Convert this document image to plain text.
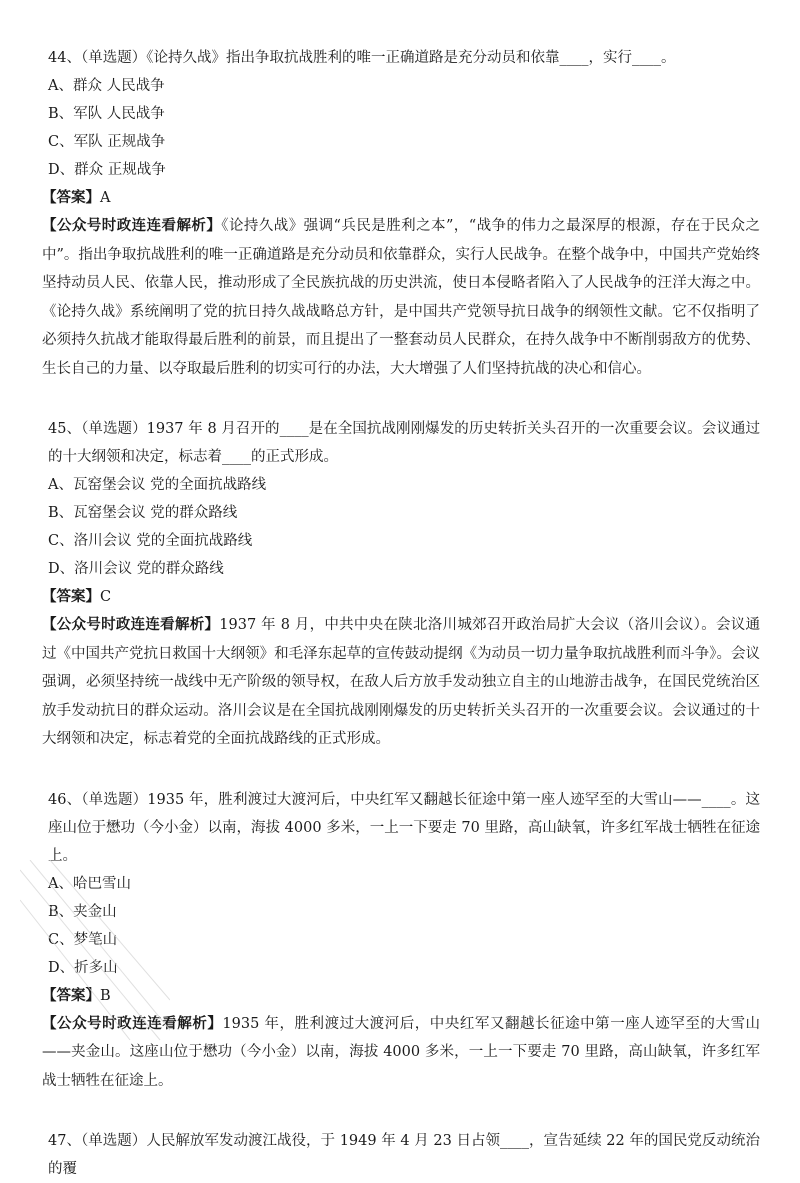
44、（单选题）《论持久战》指出争取抗战胜利的唯一正确道路是充分动员和依靠____，实行____。

A、群众 人民战争

B、军队 人民战争

C、军队 正规战争

D、群众 正规战争

【答案】A

【公众号时政连连看解析】《论持久战》强调“兵民是胜利之本”，“战争的伟力之最深厚的根源，存在于民众之中”。指出争取抗战胜利的唯一正确道路是充分动员和依靠群众，实行人民战争。在整个战争中，中国共产党始终坚持动员人民、依靠人民，推动形成了全民族抗战的历史洪流，使日本侵略者陷入了人民战争的汪洋大海之中。《论持久战》系统阐明了党的抗日持久战战略总方针，是中国共产党领导抗日战争的纲领性文献。它不仅指明了必须持久抗战才能取得最后胜利的前景，而且提出了一整套动员人民群众，在持久战争中不断削弱敌方的优势、生长自己的力量、以夺取最后胜利的切实可行的办法，大大增强了人们坚持抗战的决心和信心。

45、（单选题）1937 年 8 月召开的____是在全国抗战刚刚爆发的历史转折关头召开的一次重要会议。会议通过的十大纲领和决定，标志着____的正式形成。

A、瓦窑堡会议 党的全面抗战路线

B、瓦窑堡会议 党的群众路线

C、洛川会议 党的全面抗战路线

D、洛川会议 党的群众路线

【答案】C

【公众号时政连连看解析】1937 年 8 月，中共中央在陕北洛川城郊召开政治局扩大会议（洛川会议）。会议通过《中国共产党抗日救国十大纲领》和毛泽东起草的宣传鼓动提纲《为动员一切力量争取抗战胜利而斗争》。会议强调，必须坚持统一战线中无产阶级的领导权，在敌人后方放手发动独立自主的山地游击战争，在国民党统治区放手发动抗日的群众运动。洛川会议是在全国抗战刚刚爆发的历史转折关头召开的一次重要会议。会议通过的十大纲领和决定，标志着党的全面抗战路线的正式形成。

46、（单选题）1935 年，胜利渡过大渡河后，中央红军又翻越长征途中第一座人迹罕至的大雪山——____。这座山位于懋功（今小金）以南，海拔 4000 多米，一上一下要走 70 里路，高山缺氧，许多红军战士牺牲在征途上。

A、哈巴雪山

B、夹金山

C、梦笔山

D、折多山

【答案】B

【公众号时政连连看解析】1935 年，胜利渡过大渡河后，中央红军又翻越长征途中第一座人迹罕至的大雪山——夹金山。这座山位于懋功（今小金）以南，海拔 4000 多米，一上一下要走 70 里路，高山缺氧，许多红军战士牺牲在征途上。

47、（单选题）人民解放军发动渡江战役，于 1949 年 4 月 23 日占领____，宣告延续 22 年的国民党反动统治的覆
